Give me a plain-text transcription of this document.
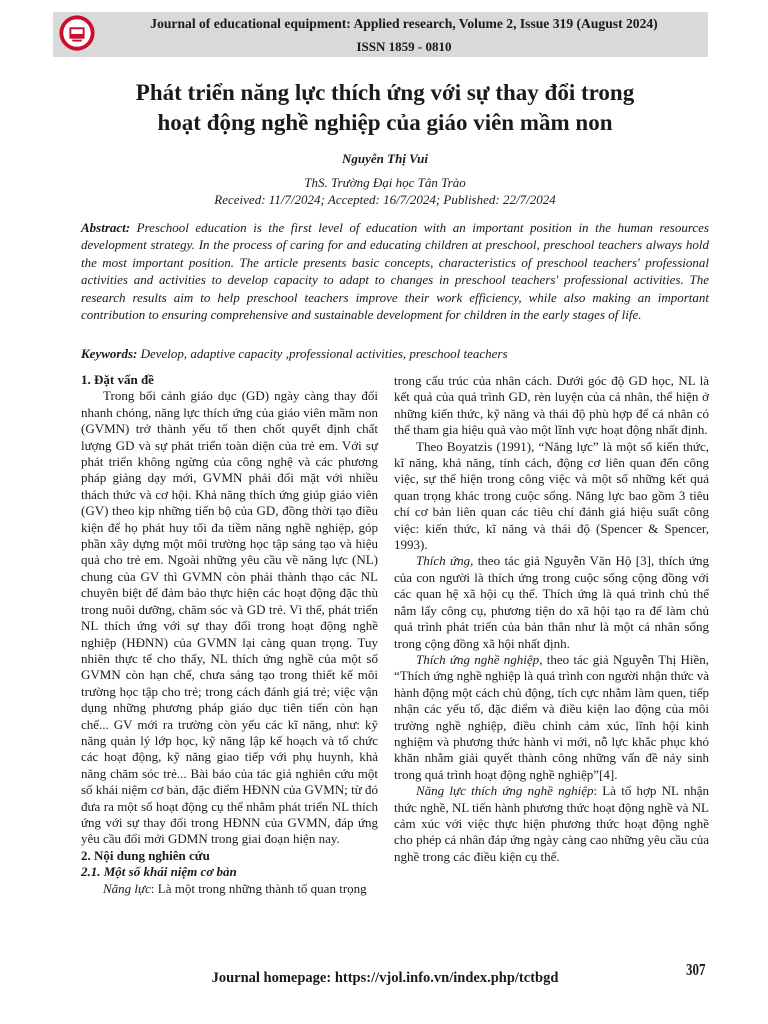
Journal of educational equipment: Applied research, Volume 2, Issue 319 (August 2024)
ISSN 1859 - 0810
Phát triển năng lực thích ứng với sự thay đổi trong
hoạt động nghề nghiệp của giáo viên mầm non
Nguyễn Thị Vui
ThS. Trường Đại học Tân Trào
Received: 11/7/2024; Accepted: 16/7/2024; Published: 22/7/2024

Abstract: Preschool education is the first level of education with an important position in the human resources development strategy. In the process of caring for and educating children at preschool, preschool teachers always hold the most important position. The article presents basic concepts, characteristics of preschool teachers' professional activities and activities to develop capacity to adapt to changes in preschool teachers' professional activities. The research results aim to help preschool teachers improve their work efficiency, while also making an important contribution to ensuring comprehensive and sustainable development for children in the early stages of life.

Keywords: Develop, adaptive capacity ,professional activities, preschool teachers

1. Đặt vấn đề

Trong bối cảnh giáo dục (GD) ngày càng thay đổi nhanh chóng, năng lực thích ứng của giáo viên mầm non (GVMN) trở thành yếu tố then chốt quyết định chất lượng GD và sự phát triển toàn diện của trẻ em. Với sự phát triển không ngừng của công nghệ và các phương pháp giảng dạy mới, GVMN phải đối mặt với nhiều thách thức và cơ hội. Khả năng thích ứng giúp giáo viên (GV) theo kịp những tiến bộ của GD, đồng thời tạo điều kiện để họ phát huy tối đa tiềm năng nghề nghiệp, góp phần xây dựng một môi trường học tập sáng tạo và hiệu quả cho trẻ em. Ngoài những yêu cầu về năng lực (NL) chung của GV thì GVMN còn phải thành thạo các NL chuyên biệt để đảm bảo thực hiện các hoạt động đặc thù trong nuôi dưỡng, chăm sóc và GD trẻ. Vì thế, phát triển NL thích ứng với sự thay đổi trong hoạt động nghề nghiệp (HĐNN) của GVMN lại càng quan trọng. Tuy nhiên thực tế cho thấy, NL thích ứng nghề của một số GVMN còn hạn chế, chưa sáng tạo trong thiết kế môi trường học tập cho trẻ; trong cách đánh giá trẻ; việc vận dụng những phương pháp giáo dục tiên tiến còn hạn chế... GV mới ra trường còn yếu các kĩ năng, như: kỹ năng quản lý lớp học, kỹ năng lập kế hoạch và tổ chức các hoạt động, kỹ năng giao tiếp với phụ huynh, khả năng chăm sóc trẻ... Bài báo của tác giả nghiên cứu một số khái niệm cơ bản, đặc điểm HĐNN của GVMN; từ đó đưa ra một số hoạt động cụ thể nhằm phát triển NL thích ứng với sự thay đổi trong HĐNN của GVMN, đáp ứng yêu cầu đổi mới GDMN trong giai đoạn hiện nay.

2. Nội dung nghiên cứu

2.1. Một số khái niệm cơ bản

Năng lực: Là một trong những thành tố quan trọng

trong cấu trúc của nhân cách. Dưới góc độ GD học, NL là kết quả của quá trình GD, rèn luyện của cá nhân, thể hiện ở những kiến thức, kỹ năng và thái độ phù hợp để cá nhân có thể tham gia hiệu quả vào một lĩnh vực hoạt động nhất định.

Theo Boyatzis (1991), “Năng lực” là một số kiến thức, kĩ năng, khả năng, tính cách, động cơ liên quan đến công việc, sự thể hiện trong công việc và một số những kết quả quan trọng khác trong cuộc sống. Năng lực bao gồm 3 tiêu chí cơ bản liên quan các tiêu chí đánh giá hiệu suất công việc: kiến thức, kĩ năng và thái độ (Spencer & Spencer, 1993).

Thích ứng, theo tác giả Nguyễn Văn Hộ [3], thích ứng của con người là thích ứng trong cuộc sống cộng đồng với các quan hệ xã hội cụ thể. Thích ứng là quá trình chủ thể nắm lấy công cụ, phương tiện do xã hội tạo ra để làm chủ quá trình phát triển của bản thân như là một cá nhân sống trong cộng đồng xã hội nhất định.

Thích ứng nghề nghiệp, theo tác giả Nguyễn Thị Hiền, “Thích ứng nghề nghiệp là quá trình con người nhận thức và hành động một cách chủ động, tích cực nhằm làm quen, tiếp nhận các yếu tố, đặc điểm và điều kiện lao động của môi trường nghề nghiệp, điều chỉnh cảm xúc, lĩnh hội kinh nghiệm và phương thức hành vi mới, nỗ lực khắc phục khó khăn nhằm giải quyết thành công những vấn đề nảy sinh trong quá trình hoạt động nghề nghiệp”[4].

Năng lực thích ứng nghề nghiệp: Là tổ hợp NL nhận thức nghề, NL tiến hành phương thức hoạt động nghề và NL cảm xúc với việc thực hiện phương thức hoạt động nghề cho phép cá nhân đáp ứng ngày càng cao những yêu cầu của nghề trong các điều kiện cụ thể.

Journal homepage: https://vjol.info.vn/index.php/tctbgd	307
